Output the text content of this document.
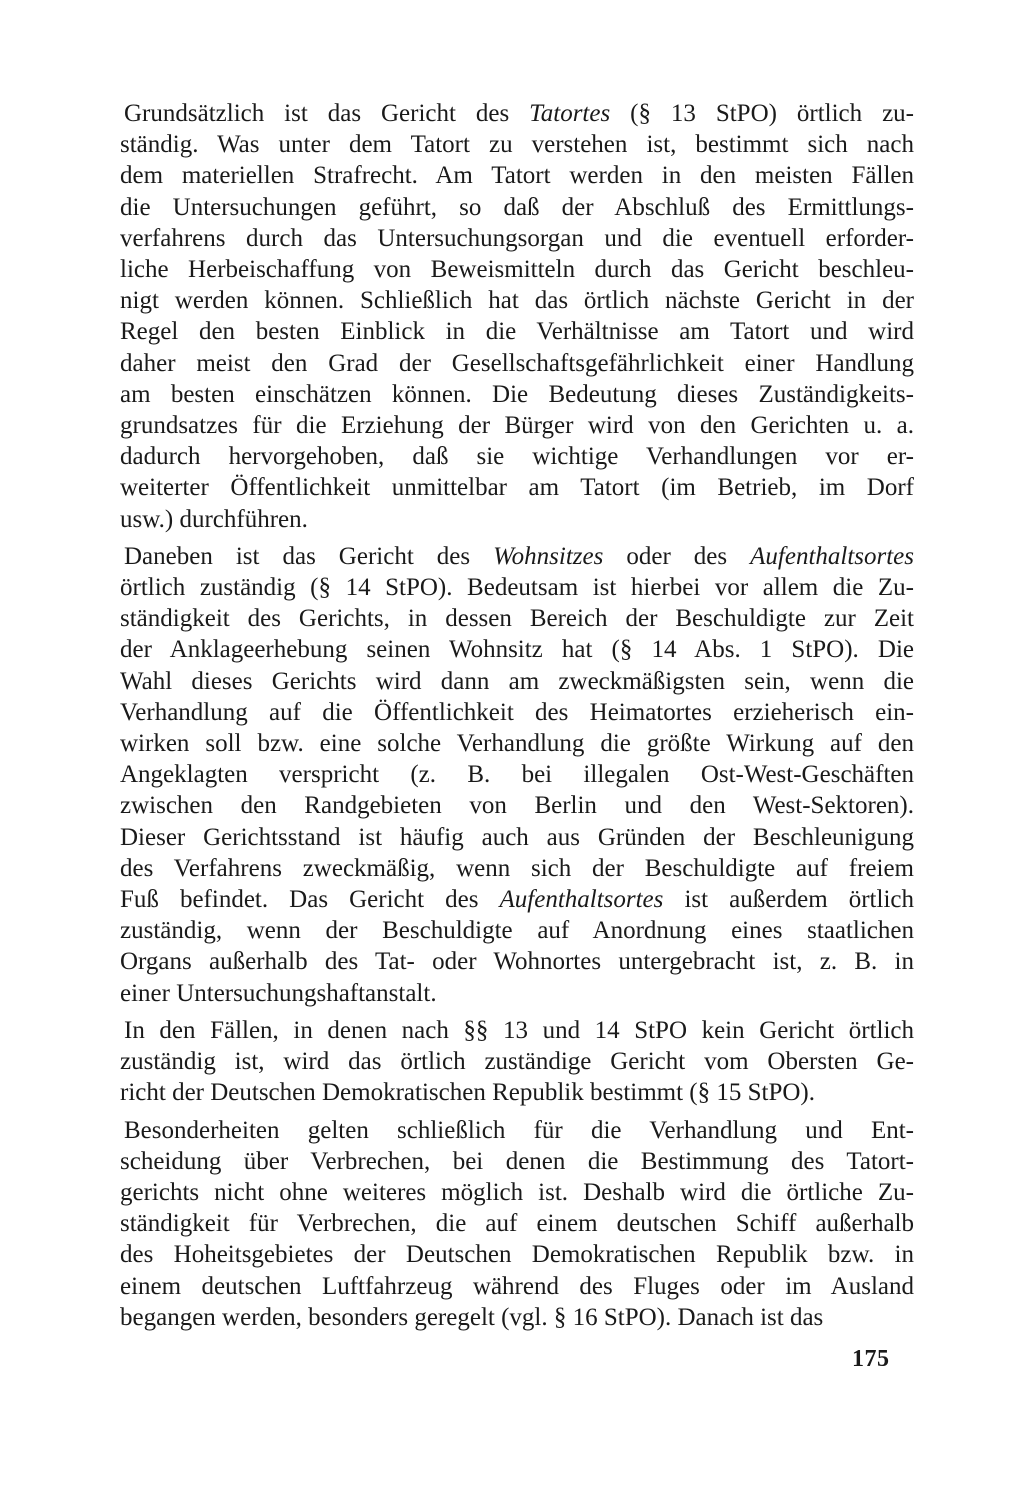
Grundsätzlich ist das Gericht des Tatortes (§ 13 StPO) örtlich zu-
ständig. Was unter dem Tatort zu verstehen ist, bestimmt sich nach
dem materiellen Strafrecht. Am Tatort werden in den meisten Fällen
die Untersuchungen geführt, so daß der Abschluß des Ermittlungs-
verfahrens durch das Untersuchungsorgan und die eventuell erforder-
liche Herbeischaffung von Beweismitteln durch das Gericht beschleu-
nigt werden können. Schließlich hat das örtlich nächste Gericht in der
Regel den besten Einblick in die Verhältnisse am Tatort und wird
daher meist den Grad der Gesellschaftsgefährlichkeit einer Handlung
am besten einschätzen können. Die Bedeutung dieses Zuständigkeits-
grundsatzes für die Erziehung der Bürger wird von den Gerichten u. a.
dadurch hervorgehoben, daß sie wichtige Verhandlungen vor er-
weiterter Öffentlichkeit unmittelbar am Tatort (im Betrieb, im Dorf
usw.) durchführen.

Daneben ist das Gericht des Wohnsitzes oder des Aufenthaltsortes
örtlich zuständig (§ 14 StPO). Bedeutsam ist hierbei vor allem die Zu-
ständigkeit des Gerichts, in dessen Bereich der Beschuldigte zur Zeit
der Anklageerhebung seinen Wohnsitz hat (§ 14 Abs. 1 StPO). Die
Wahl dieses Gerichts wird dann am zweckmäßigsten sein, wenn die
Verhandlung auf die Öffentlichkeit des Heimatortes erzieherisch ein-
wirken soll bzw. eine solche Verhandlung die größte Wirkung auf den
Angeklagten verspricht (z. B. bei illegalen Ost-West-Geschäften
zwischen den Randgebieten von Berlin und den West-Sektoren).
Dieser Gerichtsstand ist häufig auch aus Gründen der Beschleunigung
des Verfahrens zweckmäßig, wenn sich der Beschuldigte auf freiem
Fuß befindet. Das Gericht des Aufenthaltsortes ist außerdem örtlich
zuständig, wenn der Beschuldigte auf Anordnung eines staatlichen
Organs außerhalb des Tat- oder Wohnortes untergebracht ist, z. B. in
einer Untersuchungshaftanstalt.

In den Fällen, in denen nach §§ 13 und 14 StPO kein Gericht örtlich
zuständig ist, wird das örtlich zuständige Gericht vom Obersten Ge-
richt der Deutschen Demokratischen Republik bestimmt (§ 15 StPO).

Besonderheiten gelten schließlich für die Verhandlung und Ent-
scheidung über Verbrechen, bei denen die Bestimmung des Tatort-
gerichts nicht ohne weiteres möglich ist. Deshalb wird die örtliche Zu-
ständigkeit für Verbrechen, die auf einem deutschen Schiff außerhalb
des Hoheitsgebietes der Deutschen Demokratischen Republik bzw. in
einem deutschen Luftfahrzeug während des Fluges oder im Ausland
begangen werden, besonders geregelt (vgl. § 16 StPO). Danach ist das

175
